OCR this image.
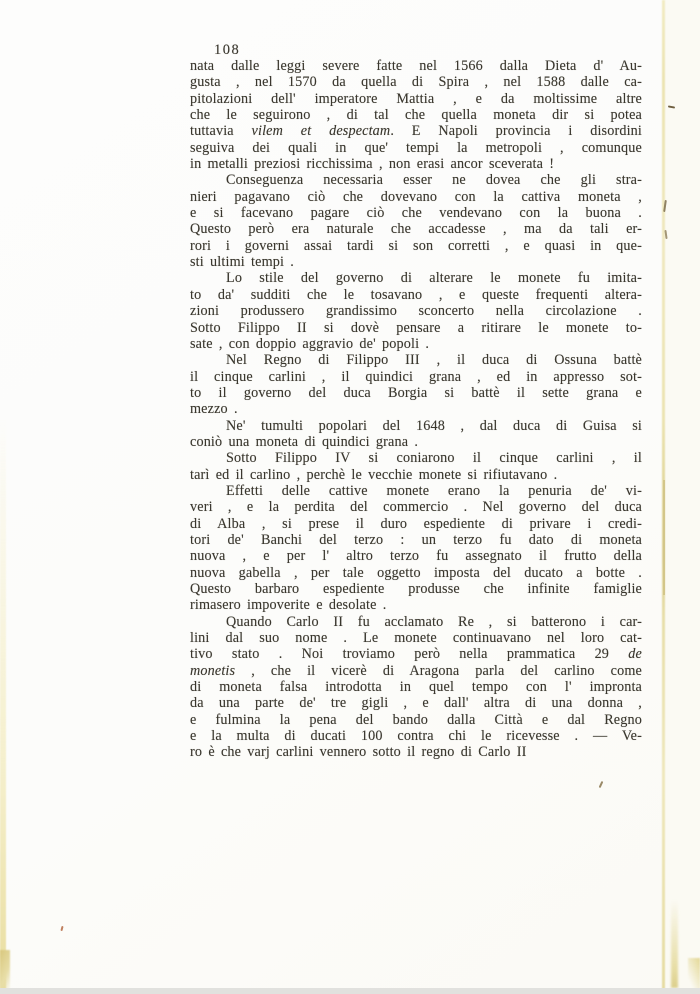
108
nata dalle leggi severe fatte nel 1566 dalla Dieta d' Au-
gusta , nel 1570 da quella di Spira , nel 1588 dalle ca-
pitolazioni dell' imperatore Mattia , e da moltissime altre
che le seguirono , di tal che quella moneta dir si potea
tuttavia vilem et despectam. E Napoli provincia i disordini
seguiva dei quali in que' tempi la metropoli , comunque
in metalli preziosi ricchissima , non erasi ancor sceverata !
Conseguenza necessaria esser ne dovea che gli stra-
nieri pagavano ciò che dovevano con la cattiva moneta ,
e si facevano pagare ciò che vendevano con la buona .
Questo però era naturale che accadesse , ma da tali er-
rori i governi assai tardi si son corretti , e quasi in que-
sti ultimi tempi .
Lo stile del governo di alterare le monete fu imita-
to da' sudditi che le tosavano , e queste frequenti altera-
zioni produssero grandissimo sconcerto nella circolazione .
Sotto Filippo II si dovè pensare a ritirare le monete to-
sate , con doppio aggravio de' popoli .
Nel Regno di Filippo III , il duca di Ossuna battè
il cinque carlini , il quindici grana , ed in appresso sot-
to il governo del duca Borgia si battè il sette grana e
mezzo .
Ne' tumulti popolari del 1648 , dal duca di Guisa si
coniò una moneta di quindici grana .
Sotto Filippo IV si coniarono il cinque carlini , il
tarì ed il carlino , perchè le vecchie monete si rifiutavano .
Effetti delle cattive monete erano la penuria de' vi-
veri , e la perdita del commercio . Nel governo del duca
di Alba , si prese il duro espediente di privare i credi-
tori de' Banchi del terzo : un terzo fu dato di moneta
nuova , e per l' altro terzo fu assegnato il frutto della
nuova gabella , per tale oggetto imposta del ducato a botte .
Questo barbaro espediente produsse che infinite famiglie
rimasero impoverite e desolate .
Quando Carlo II fu acclamato Re , si batterono i car-
lini dal suo nome . Le monete continuavano nel loro cat-
tivo stato . Noi troviamo però nella prammatica 29 de
monetis , che il vicerè di Aragona parla del carlino come
di moneta falsa introdotta in quel tempo con l' impronta
da una parte de' tre gigli , e dall' altra di una donna ,
e fulmina la pena del bando dalla Città e dal Regno
e la multa di ducati 100 contra chi le ricevesse . — Ve-
ro è che varj carlini vennero sotto il regno di Carlo II
